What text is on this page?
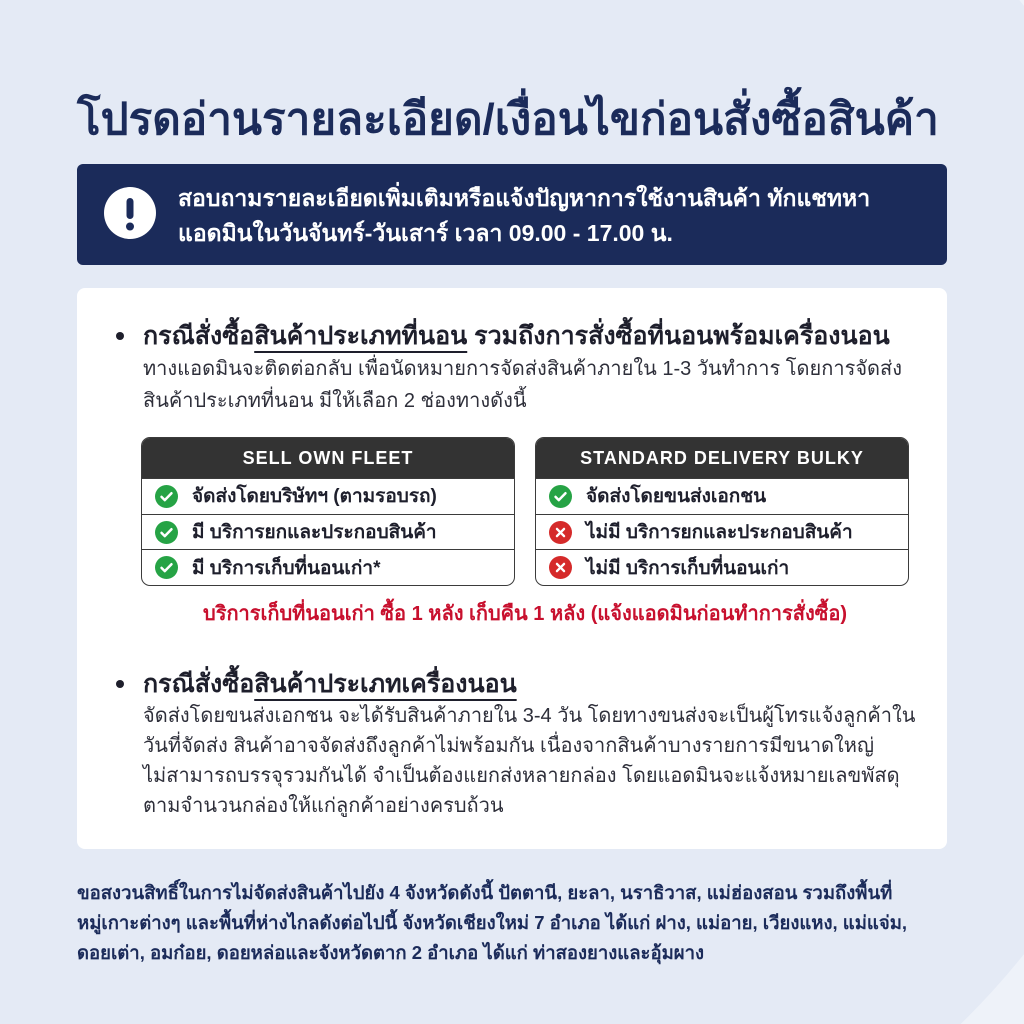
โปรดอ่านรายละเอียด/เงื่อนไขก่อนสั่งซื้อสินค้า
สอบถามรายละเอียดเพิ่มเติมหรือแจ้งปัญหาการใช้งานสินค้า ทักแชทหา
แอดมินในวันจันทร์-วันเสาร์ เวลา 09.00 - 17.00 น.
กรณีสั่งซื้อสินค้าประเภทที่นอน รวมถึงการสั่งซื้อที่นอนพร้อมเครื่องนอน
ทางแอดมินจะติดต่อกลับ เพื่อนัดหมายการจัดส่งสินค้าภายใน 1-3 วันทำการ โดยการจัดส่ง
สินค้าประเภทที่นอน มีให้เลือก 2 ช่องทางดังนี้
SELL OWN FLEET
จัดส่งโดยบริษัทฯ (ตามรอบรถ)
มี บริการยกและประกอบสินค้า
มี บริการเก็บที่นอนเก่า*
STANDARD DELIVERY BULKY
จัดส่งโดยขนส่งเอกชน
ไม่มี บริการยกและประกอบสินค้า
ไม่มี บริการเก็บที่นอนเก่า
บริการเก็บที่นอนเก่า ซื้อ 1 หลัง เก็บคืน 1 หลัง (แจ้งแอดมินก่อนทำการสั่งซื้อ)
กรณีสั่งซื้อสินค้าประเภทเครื่องนอน
จัดส่งโดยขนส่งเอกชน จะได้รับสินค้าภายใน 3-4 วัน โดยทางขนส่งจะเป็นผู้โทรแจ้งลูกค้าใน
วันที่จัดส่ง สินค้าอาจจัดส่งถึงลูกค้าไม่พร้อมกัน เนื่องจากสินค้าบางรายการมีขนาดใหญ่
ไม่สามารถบรรจุรวมกันได้ จำเป็นต้องแยกส่งหลายกล่อง โดยแอดมินจะแจ้งหมายเลขพัสดุ
ตามจำนวนกล่องให้แก่ลูกค้าอย่างครบถ้วน
ขอสงวนสิทธิ์ในการไม่จัดส่งสินค้าไปยัง 4 จังหวัดดังนี้ ปัตตานี, ยะลา, นราธิวาส, แม่ฮ่องสอน รวมถึงพื้นที่
หมู่เกาะต่างๆ และพื้นที่ห่างไกลดังต่อไปนี้ จังหวัดเชียงใหม่ 7 อำเภอ ได้แก่ ฝาง, แม่อาย, เวียงแหง, แม่แจ่ม,
ดอยเต่า, อมก๋อย, ดอยหล่อและจังหวัดตาก 2 อำเภอ ได้แก่ ท่าสองยางและอุ้มผาง
